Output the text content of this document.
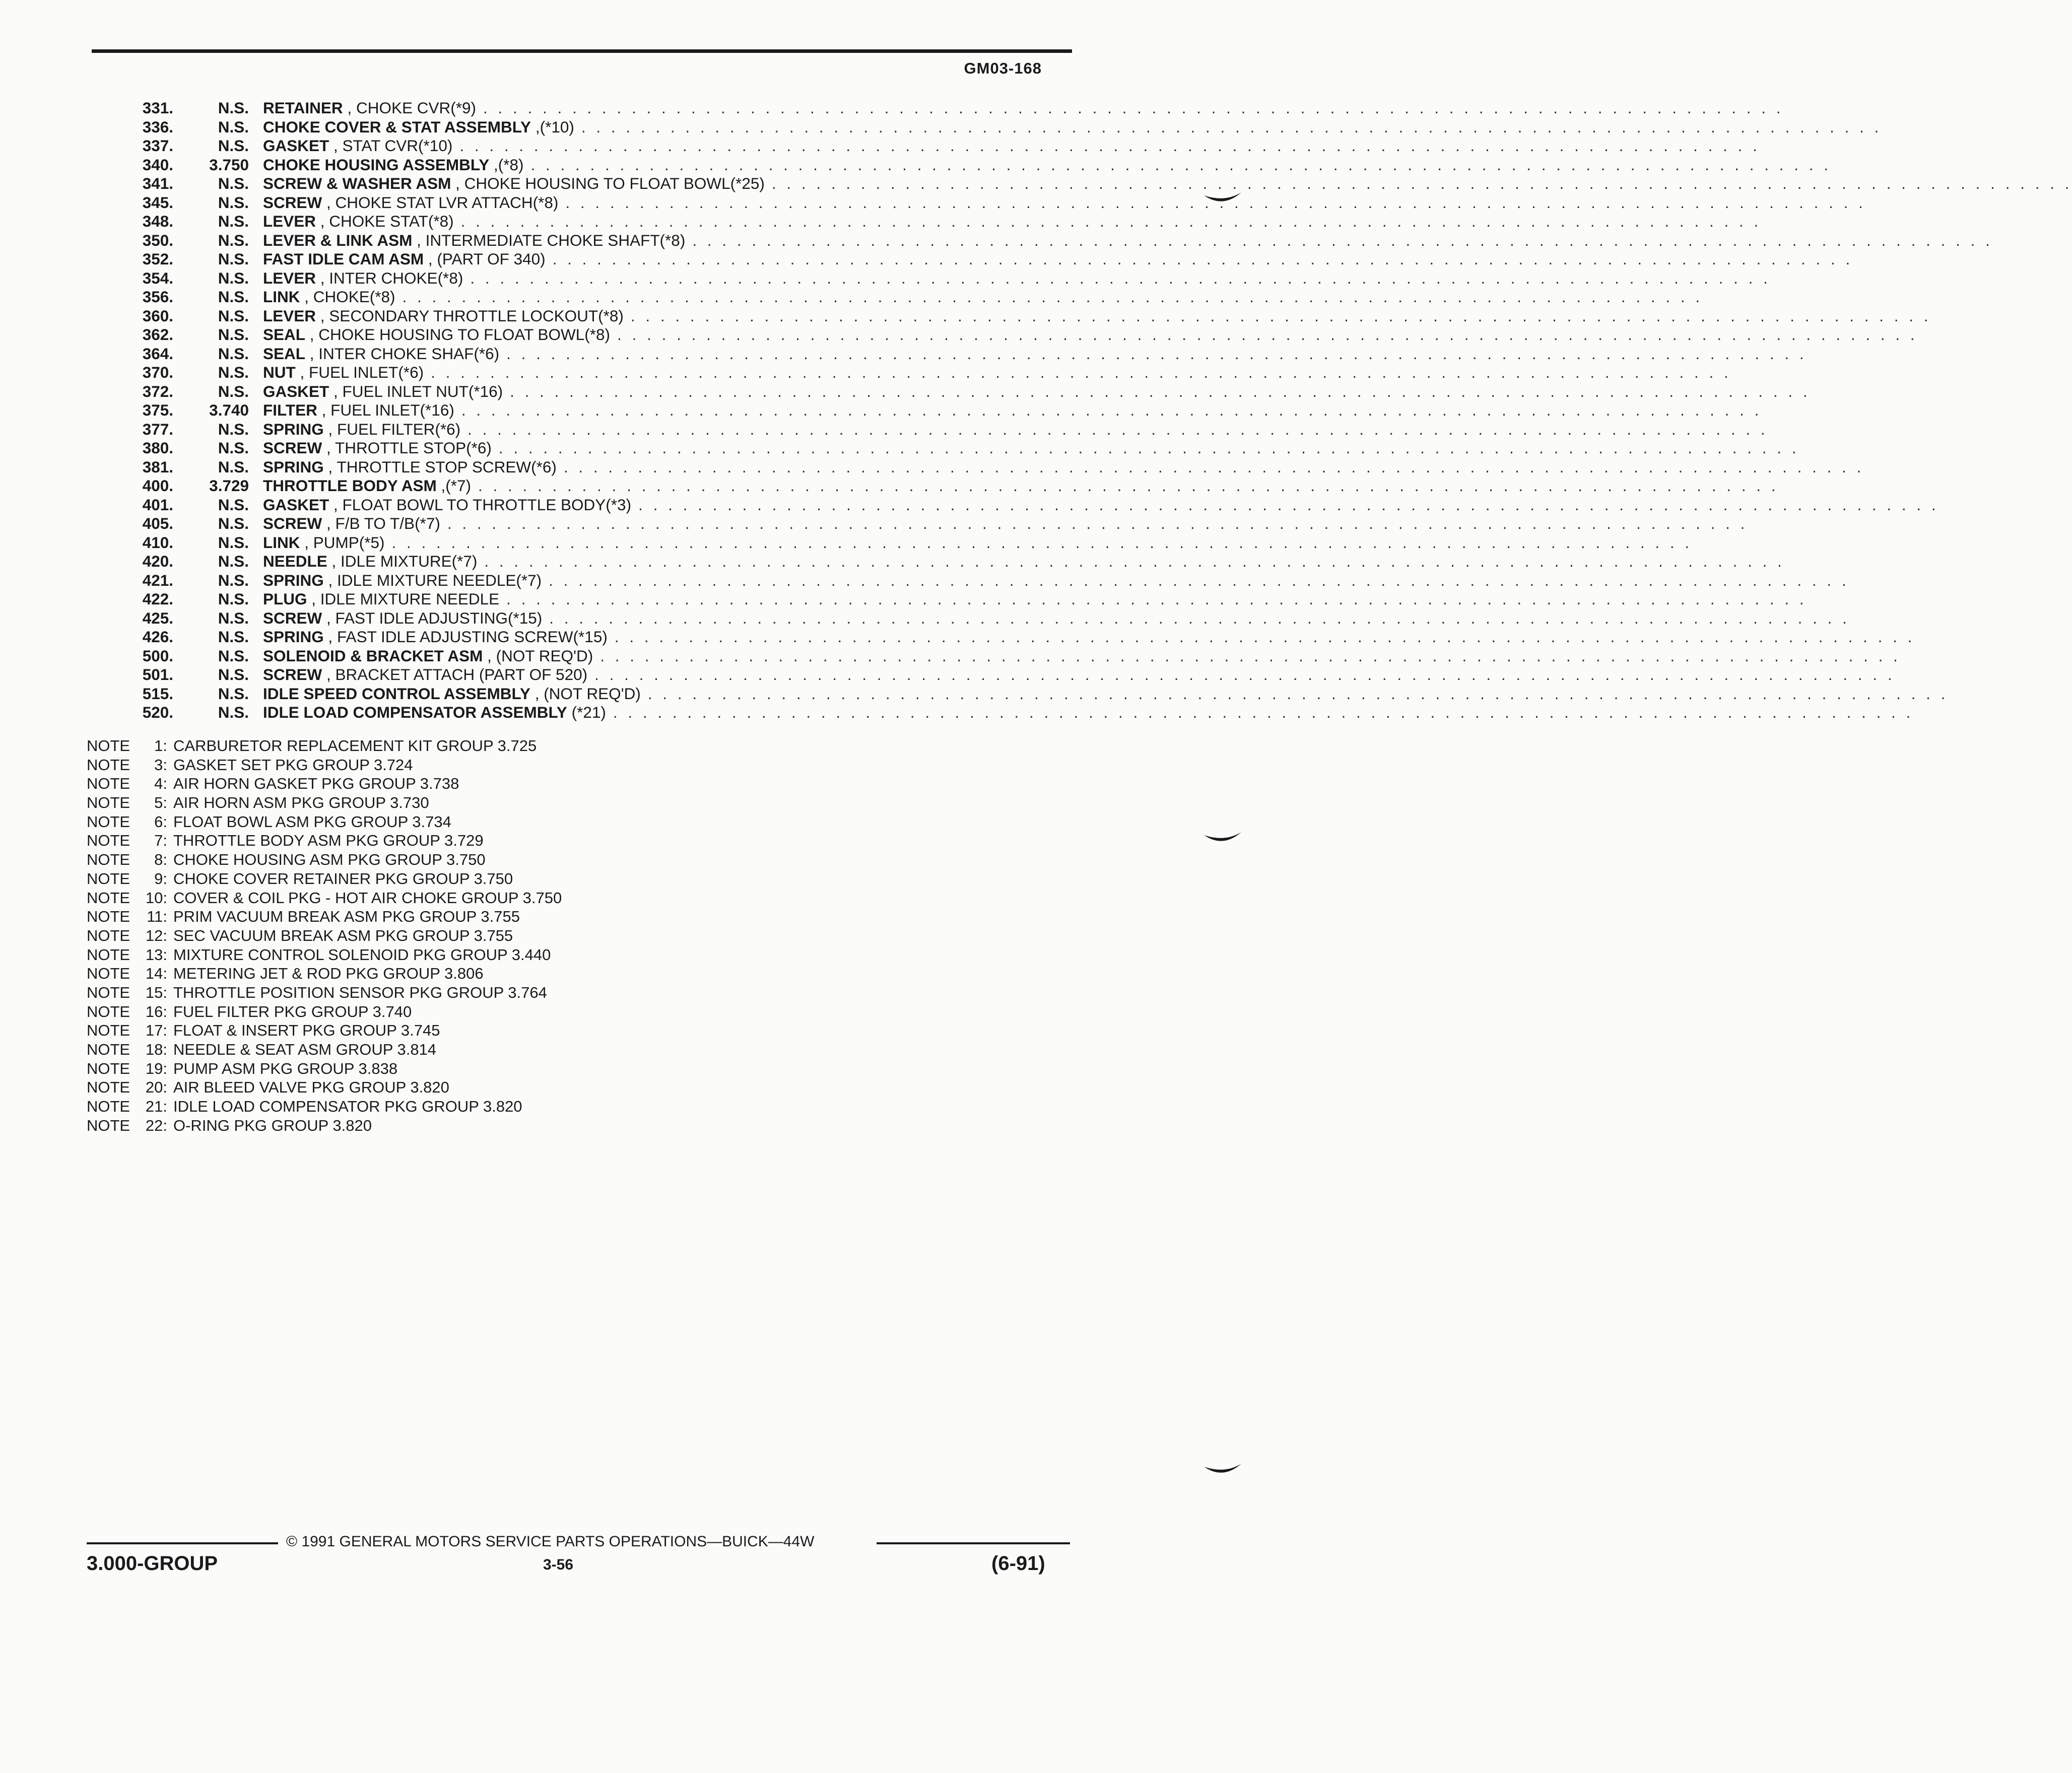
GM03-168
331.	N.S. RETAINER , CHOKE CVR(*9) . . . . . . . . . . . . . . . . . . . . . . . . . . . . . . . . . . . . . . . . . . . . . . . . . . . . . . . . . . . . . . . . . . . . . . . . . . . . . . . . . . . . . . . .
336.	N.S. CHOKE COVER & STAT ASSEMBLY ,(*10) . . . . . . . . . . . . . . . . . . . . . . . . . . . . . . . . . . . . . . . . . . . . . . . . . . . . . . . . . . . . . . . . . . . . . . . . . . . . . . . . . . . . . . . .
337.	N.S. GASKET , STAT CVR(*10) . . . . . . . . . . . . . . . . . . . . . . . . . . . . . . . . . . . . . . . . . . . . . . . . . . . . . . . . . . . . . . . . . . . . . . . . . . . . . . . . . . . . . . . .
340.	3.750 CHOKE HOUSING ASSEMBLY ,(*8) . . . . . . . . . . . . . . . . . . . . . . . . . . . . . . . . . . . . . . . . . . . . . . . . . . . . . . . . . . . . . . . . . . . . . . . . . . . . . . . . . . . . . . . .
341.	N.S. SCREW & WASHER ASM , CHOKE HOUSING TO FLOAT BOWL(*25) . . . . . . . . . . . . . . . . . . . . . . . . . . . . . . . . . . . . . . . . . . . . . . . . . . . . . . . . . . . . . . . . . . . . . . . . . . . . . . . . . . . . . . . .
345.	N.S. SCREW , CHOKE STAT LVR ATTACH(*8) . . . . . . . . . . . . . . . . . . . . . . . . . . . . . . . . . . . . . . . . . . . . . . . . . . . . . . . . . . . . . . . . . . . . . . . . . . . . . . . . . . . . . . . .
348.	N.S. LEVER , CHOKE STAT(*8) . . . . . . . . . . . . . . . . . . . . . . . . . . . . . . . . . . . . . . . . . . . . . . . . . . . . . . . . . . . . . . . . . . . . . . . . . . . . . . . . . . . . . . . .
350.	N.S. LEVER & LINK ASM , INTERMEDIATE CHOKE SHAFT(*8) . . . . . . . . . . . . . . . . . . . . . . . . . . . . . . . . . . . . . . . . . . . . . . . . . . . . . . . . . . . . . . . . . . . . . . . . . . . . . . . . . . . . . . . .
352.	N.S. FAST IDLE CAM ASM , (PART OF 340) . . . . . . . . . . . . . . . . . . . . . . . . . . . . . . . . . . . . . . . . . . . . . . . . . . . . . . . . . . . . . . . . . . . . . . . . . . . . . . . . . . . . . . . .
354.	N.S. LEVER , INTER CHOKE(*8) . . . . . . . . . . . . . . . . . . . . . . . . . . . . . . . . . . . . . . . . . . . . . . . . . . . . . . . . . . . . . . . . . . . . . . . . . . . . . . . . . . . . . . . .
356.	N.S. LINK , CHOKE(*8) . . . . . . . . . . . . . . . . . . . . . . . . . . . . . . . . . . . . . . . . . . . . . . . . . . . . . . . . . . . . . . . . . . . . . . . . . . . . . . . . . . . . . . . .
360.	N.S. LEVER , SECONDARY THROTTLE LOCKOUT(*8) . . . . . . . . . . . . . . . . . . . . . . . . . . . . . . . . . . . . . . . . . . . . . . . . . . . . . . . . . . . . . . . . . . . . . . . . . . . . . . . . . . . . . . . .
362.	N.S. SEAL , CHOKE HOUSING TO FLOAT BOWL(*8) . . . . . . . . . . . . . . . . . . . . . . . . . . . . . . . . . . . . . . . . . . . . . . . . . . . . . . . . . . . . . . . . . . . . . . . . . . . . . . . . . . . . . . . .
364.	N.S. SEAL , INTER CHOKE SHAF(*6) . . . . . . . . . . . . . . . . . . . . . . . . . . . . . . . . . . . . . . . . . . . . . . . . . . . . . . . . . . . . . . . . . . . . . . . . . . . . . . . . . . . . . . . .
370.	N.S. NUT , FUEL INLET(*6) . . . . . . . . . . . . . . . . . . . . . . . . . . . . . . . . . . . . . . . . . . . . . . . . . . . . . . . . . . . . . . . . . . . . . . . . . . . . . . . . . . . . . . . .
372.	N.S. GASKET , FUEL INLET NUT(*16) . . . . . . . . . . . . . . . . . . . . . . . . . . . . . . . . . . . . . . . . . . . . . . . . . . . . . . . . . . . . . . . . . . . . . . . . . . . . . . . . . . . . . . . .
375.	3.740 FILTER , FUEL INLET(*16) . . . . . . . . . . . . . . . . . . . . . . . . . . . . . . . . . . . . . . . . . . . . . . . . . . . . . . . . . . . . . . . . . . . . . . . . . . . . . . . . . . . . . . . .
377.	N.S. SPRING , FUEL FILTER(*6) . . . . . . . . . . . . . . . . . . . . . . . . . . . . . . . . . . . . . . . . . . . . . . . . . . . . . . . . . . . . . . . . . . . . . . . . . . . . . . . . . . . . . . . .
380.	N.S. SCREW , THROTTLE STOP(*6) . . . . . . . . . . . . . . . . . . . . . . . . . . . . . . . . . . . . . . . . . . . . . . . . . . . . . . . . . . . . . . . . . . . . . . . . . . . . . . . . . . . . . . . .
381.	N.S. SPRING , THROTTLE STOP SCREW(*6) . . . . . . . . . . . . . . . . . . . . . . . . . . . . . . . . . . . . . . . . . . . . . . . . . . . . . . . . . . . . . . . . . . . . . . . . . . . . . . . . . . . . . . . .
400.	3.729 THROTTLE BODY ASM ,(*7) . . . . . . . . . . . . . . . . . . . . . . . . . . . . . . . . . . . . . . . . . . . . . . . . . . . . . . . . . . . . . . . . . . . . . . . . . . . . . . . . . . . . . . . .
401.	N.S. GASKET , FLOAT BOWL TO THROTTLE BODY(*3) . . . . . . . . . . . . . . . . . . . . . . . . . . . . . . . . . . . . . . . . . . . . . . . . . . . . . . . . . . . . . . . . . . . . . . . . . . . . . . . . . . . . . . . .
405.	N.S. SCREW , F/B TO T/B(*7) . . . . . . . . . . . . . . . . . . . . . . . . . . . . . . . . . . . . . . . . . . . . . . . . . . . . . . . . . . . . . . . . . . . . . . . . . . . . . . . . . . . . . . . .
410.	N.S. LINK , PUMP(*5) . . . . . . . . . . . . . . . . . . . . . . . . . . . . . . . . . . . . . . . . . . . . . . . . . . . . . . . . . . . . . . . . . . . . . . . . . . . . . . . . . . . . . . . .
420.	N.S. NEEDLE , IDLE MIXTURE(*7) . . . . . . . . . . . . . . . . . . . . . . . . . . . . . . . . . . . . . . . . . . . . . . . . . . . . . . . . . . . . . . . . . . . . . . . . . . . . . . . . . . . . . . . .
421.	N.S. SPRING , IDLE MIXTURE NEEDLE(*7) . . . . . . . . . . . . . . . . . . . . . . . . . . . . . . . . . . . . . . . . . . . . . . . . . . . . . . . . . . . . . . . . . . . . . . . . . . . . . . . . . . . . . . . .
422.	N.S. PLUG , IDLE MIXTURE NEEDLE . . . . . . . . . . . . . . . . . . . . . . . . . . . . . . . . . . . . . . . . . . . . . . . . . . . . . . . . . . . . . . . . . . . . . . . . . . . . . . . . . . . . . . . .
425.	N.S. SCREW , FAST IDLE ADJUSTING(*15) . . . . . . . . . . . . . . . . . . . . . . . . . . . . . . . . . . . . . . . . . . . . . . . . . . . . . . . . . . . . . . . . . . . . . . . . . . . . . . . . . . . . . . . .
426.	N.S. SPRING , FAST IDLE ADJUSTING SCREW(*15) . . . . . . . . . . . . . . . . . . . . . . . . . . . . . . . . . . . . . . . . . . . . . . . . . . . . . . . . . . . . . . . . . . . . . . . . . . . . . . . . . . . . . . . .
500.	N.S. SOLENOID & BRACKET ASM , (NOT REQ'D) . . . . . . . . . . . . . . . . . . . . . . . . . . . . . . . . . . . . . . . . . . . . . . . . . . . . . . . . . . . . . . . . . . . . . . . . . . . . . . . . . . . . . . . .
501.	N.S. SCREW , BRACKET ATTACH (PART OF 520) . . . . . . . . . . . . . . . . . . . . . . . . . . . . . . . . . . . . . . . . . . . . . . . . . . . . . . . . . . . . . . . . . . . . . . . . . . . . . . . . . . . . . . . .
515.	N.S. IDLE SPEED CONTROL ASSEMBLY , (NOT REQ'D) . . . . . . . . . . . . . . . . . . . . . . . . . . . . . . . . . . . . . . . . . . . . . . . . . . . . . . . . . . . . . . . . . . . . . . . . . . . . . . . . . . . . . . . .
520.	N.S. IDLE LOAD COMPENSATOR ASSEMBLY (*21) . . . . . . . . . . . . . . . . . . . . . . . . . . . . . . . . . . . . . . . . . . . . . . . . . . . . . . . . . . . . . . . . . . . . . . . . . . . . . . . . . . . . . . . .
NOTE	1: CARBURETOR REPLACEMENT KIT GROUP 3.725
NOTE	3: GASKET SET PKG GROUP 3.724
NOTE	4: AIR HORN GASKET PKG GROUP 3.738
NOTE	5: AIR HORN ASM PKG GROUP 3.730
NOTE	6: FLOAT BOWL ASM PKG GROUP 3.734
NOTE	7: THROTTLE BODY ASM PKG GROUP 3.729
NOTE	8: CHOKE HOUSING ASM PKG GROUP 3.750
NOTE	9: CHOKE COVER RETAINER PKG GROUP 3.750
NOTE 10: COVER & COIL PKG - HOT AIR CHOKE GROUP 3.750
NOTE	11: PRIM VACUUM BREAK ASM PKG GROUP 3.755
NOTE 12: SEC VACUUM BREAK ASM PKG GROUP 3.755
NOTE 13: MIXTURE CONTROL SOLENOID PKG GROUP 3.440
NOTE 14: METERING JET & ROD PKG GROUP 3.806
NOTE 15: THROTTLE POSITION SENSOR PKG GROUP 3.764
NOTE 16: FUEL FILTER PKG GROUP 3.740
NOTE 17: FLOAT & INSERT PKG GROUP 3.745
NOTE 18: NEEDLE & SEAT ASM GROUP 3.814
NOTE 19: PUMP ASM PKG GROUP 3.838
NOTE 20: AIR BLEED VALVE PKG GROUP 3.820
NOTE 21: IDLE LOAD COMPENSATOR PKG GROUP 3.820
NOTE 22: O-RING PKG GROUP 3.820
© 1991 GENERAL MOTORS SERVICE PARTS OPERATIONS—BUICK—44W
3.000-GROUP	3-56	(6-91)
